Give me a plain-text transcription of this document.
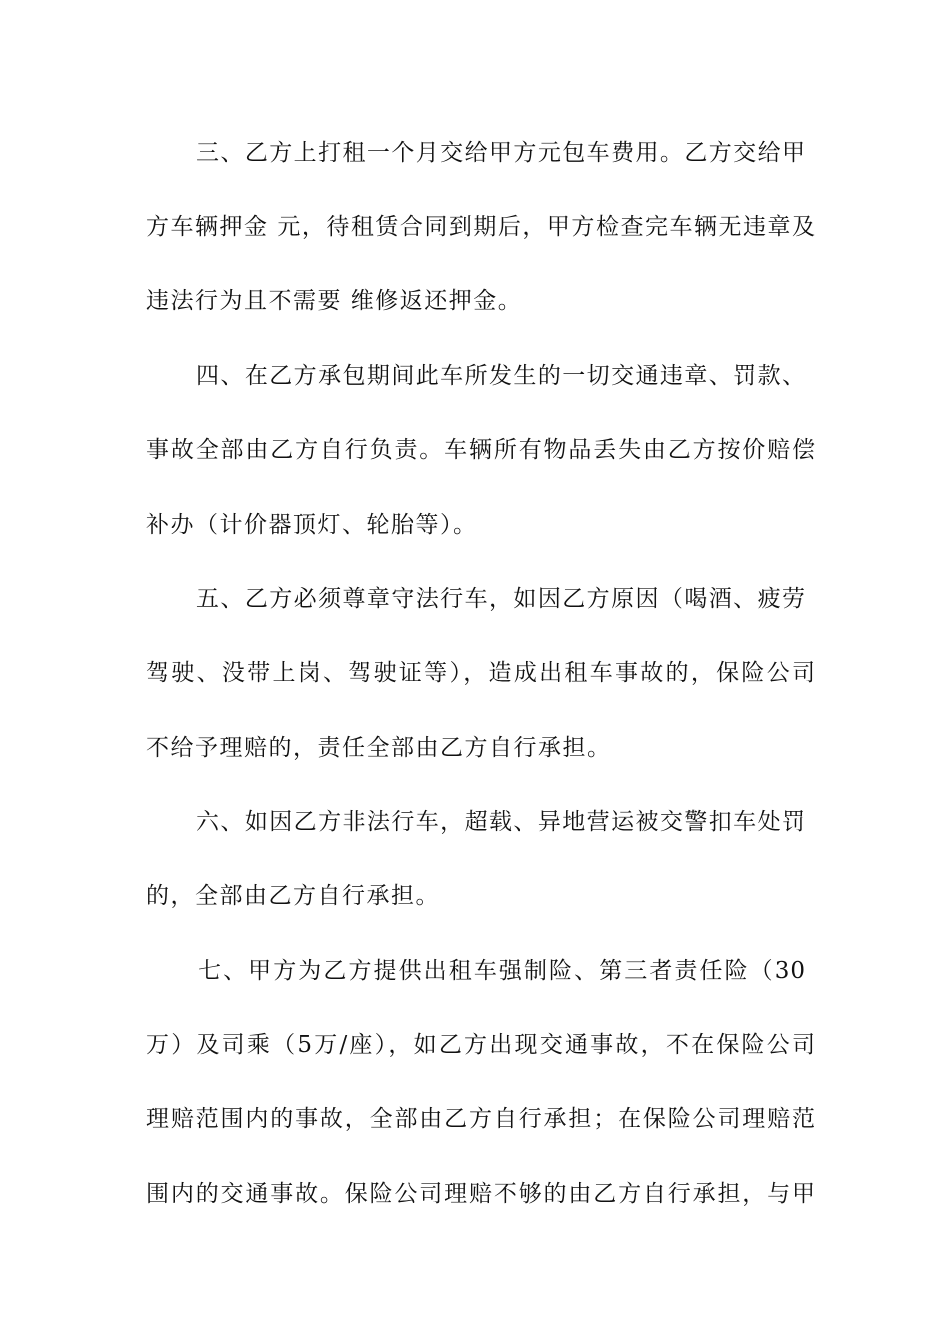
三、乙方上打租一个月交给甲方元包车费用。乙方交给甲
方车辆押金 元，待租赁合同到期后，甲方检查完车辆无违章及
违法行为且不需要 维修返还押金。
四、在乙方承包期间此车所发生的一切交通违章、罚款、
事故全部由乙方自行负责。车辆所有物品丢失由乙方按价赔偿
补办（计价器顶灯、轮胎等）。
五、乙方必须尊章守法行车，如因乙方原因（喝酒、疲劳
驾驶、没带上岗、驾驶证等），造成出租车事故的，保险公司
不给予理赔的，责任全部由乙方自行承担。
六、如因乙方非法行车，超载、异地营运被交警扣车处罚
的，全部由乙方自行承担。
七、甲方为乙方提供出租车强制险、第三者责任险（30
万）及司乘（5万/座），如乙方出现交通事故，不在保险公司
理赔范围内的事故，全部由乙方自行承担；在保险公司理赔范
围内的交通事故。保险公司理赔不够的由乙方自行承担，与甲
